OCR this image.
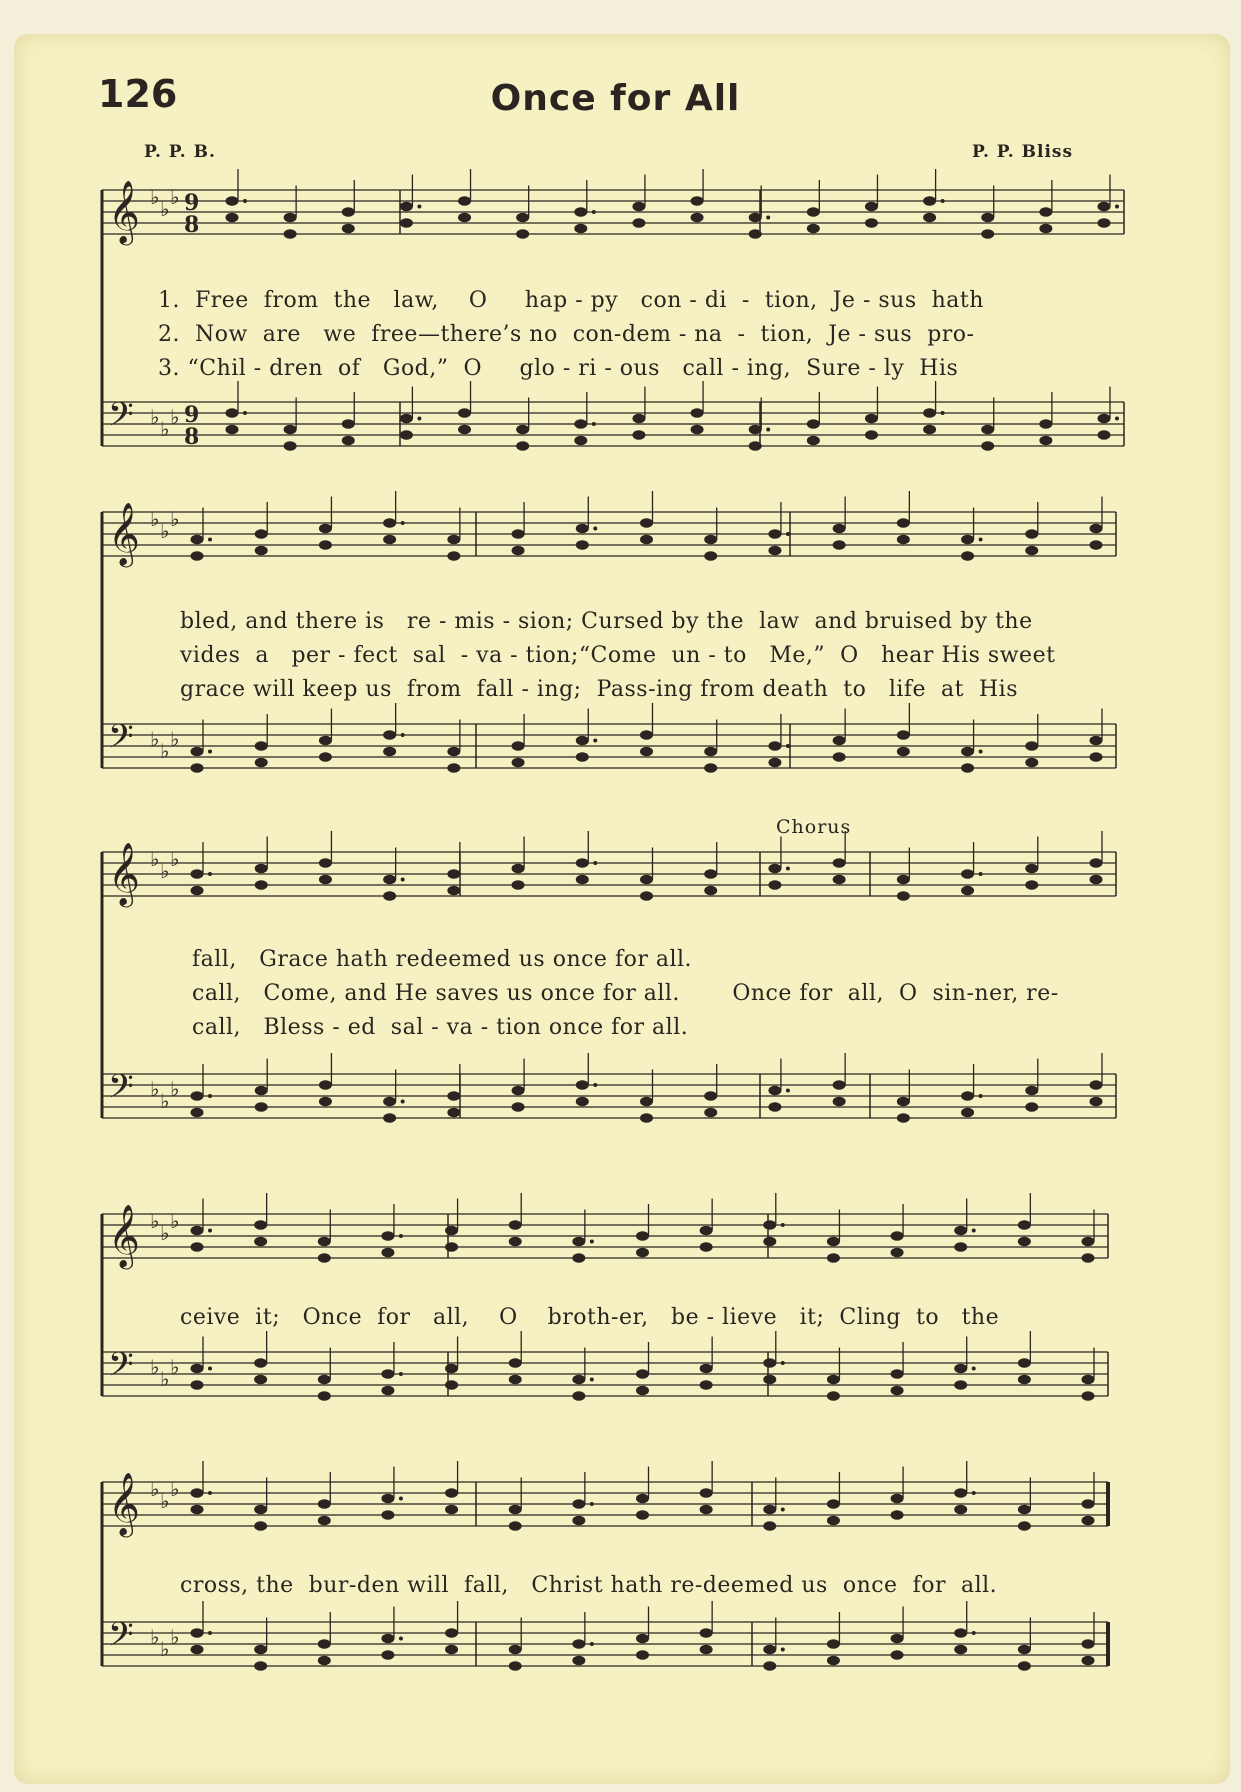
126	Once for All
P. P. B.	P. P. Bliss
𝄞 ♭ ♭ ♭
𝄢 ♭ ♭ ♭
9
8
9
8
𝄞 ♭ ♭ ♭
𝄢 ♭ ♭ ♭
𝄞 ♭ ♭ ♭
𝄢 ♭ ♭ ♭
𝄞 ♭ ♭ ♭
𝄢 ♭ ♭ ♭
𝄞 ♭ ♭ ♭
𝄢 ♭ ♭ ♭
1.  Free  from  the   law,    O     hap - py   con - di  -  tion,  Je - sus  hath
2.  Now  are   we  free—there’s no  con-dem - na  -  tion,  Je - sus  pro-
3. “Chil - dren  of   God,”  O     glo - ri - ous   call - ing,  Sure - ly  His
bled, and there is   re - mis - sion; Cursed by the  law  and bruised by the
vides  a   per - fect  sal  - va - tion;“Come  un - to   Me,”  O   hear His sweet
grace will keep us  from  fall - ing;  Pass-ing from death  to   life  at  His
Chorus
fall,   Grace hath redeemed us once for all.
call,   Come, and He saves us once for all.       Once for  all,  O  sin-ner, re-
call,   Bless - ed  sal - va - tion once for all.
ceive  it;   Once  for   all,    O    broth-er,   be - lieve   it;  Cling  to   the
cross, the  bur-den will  fall,   Christ hath re-deemed us  once  for  all.
